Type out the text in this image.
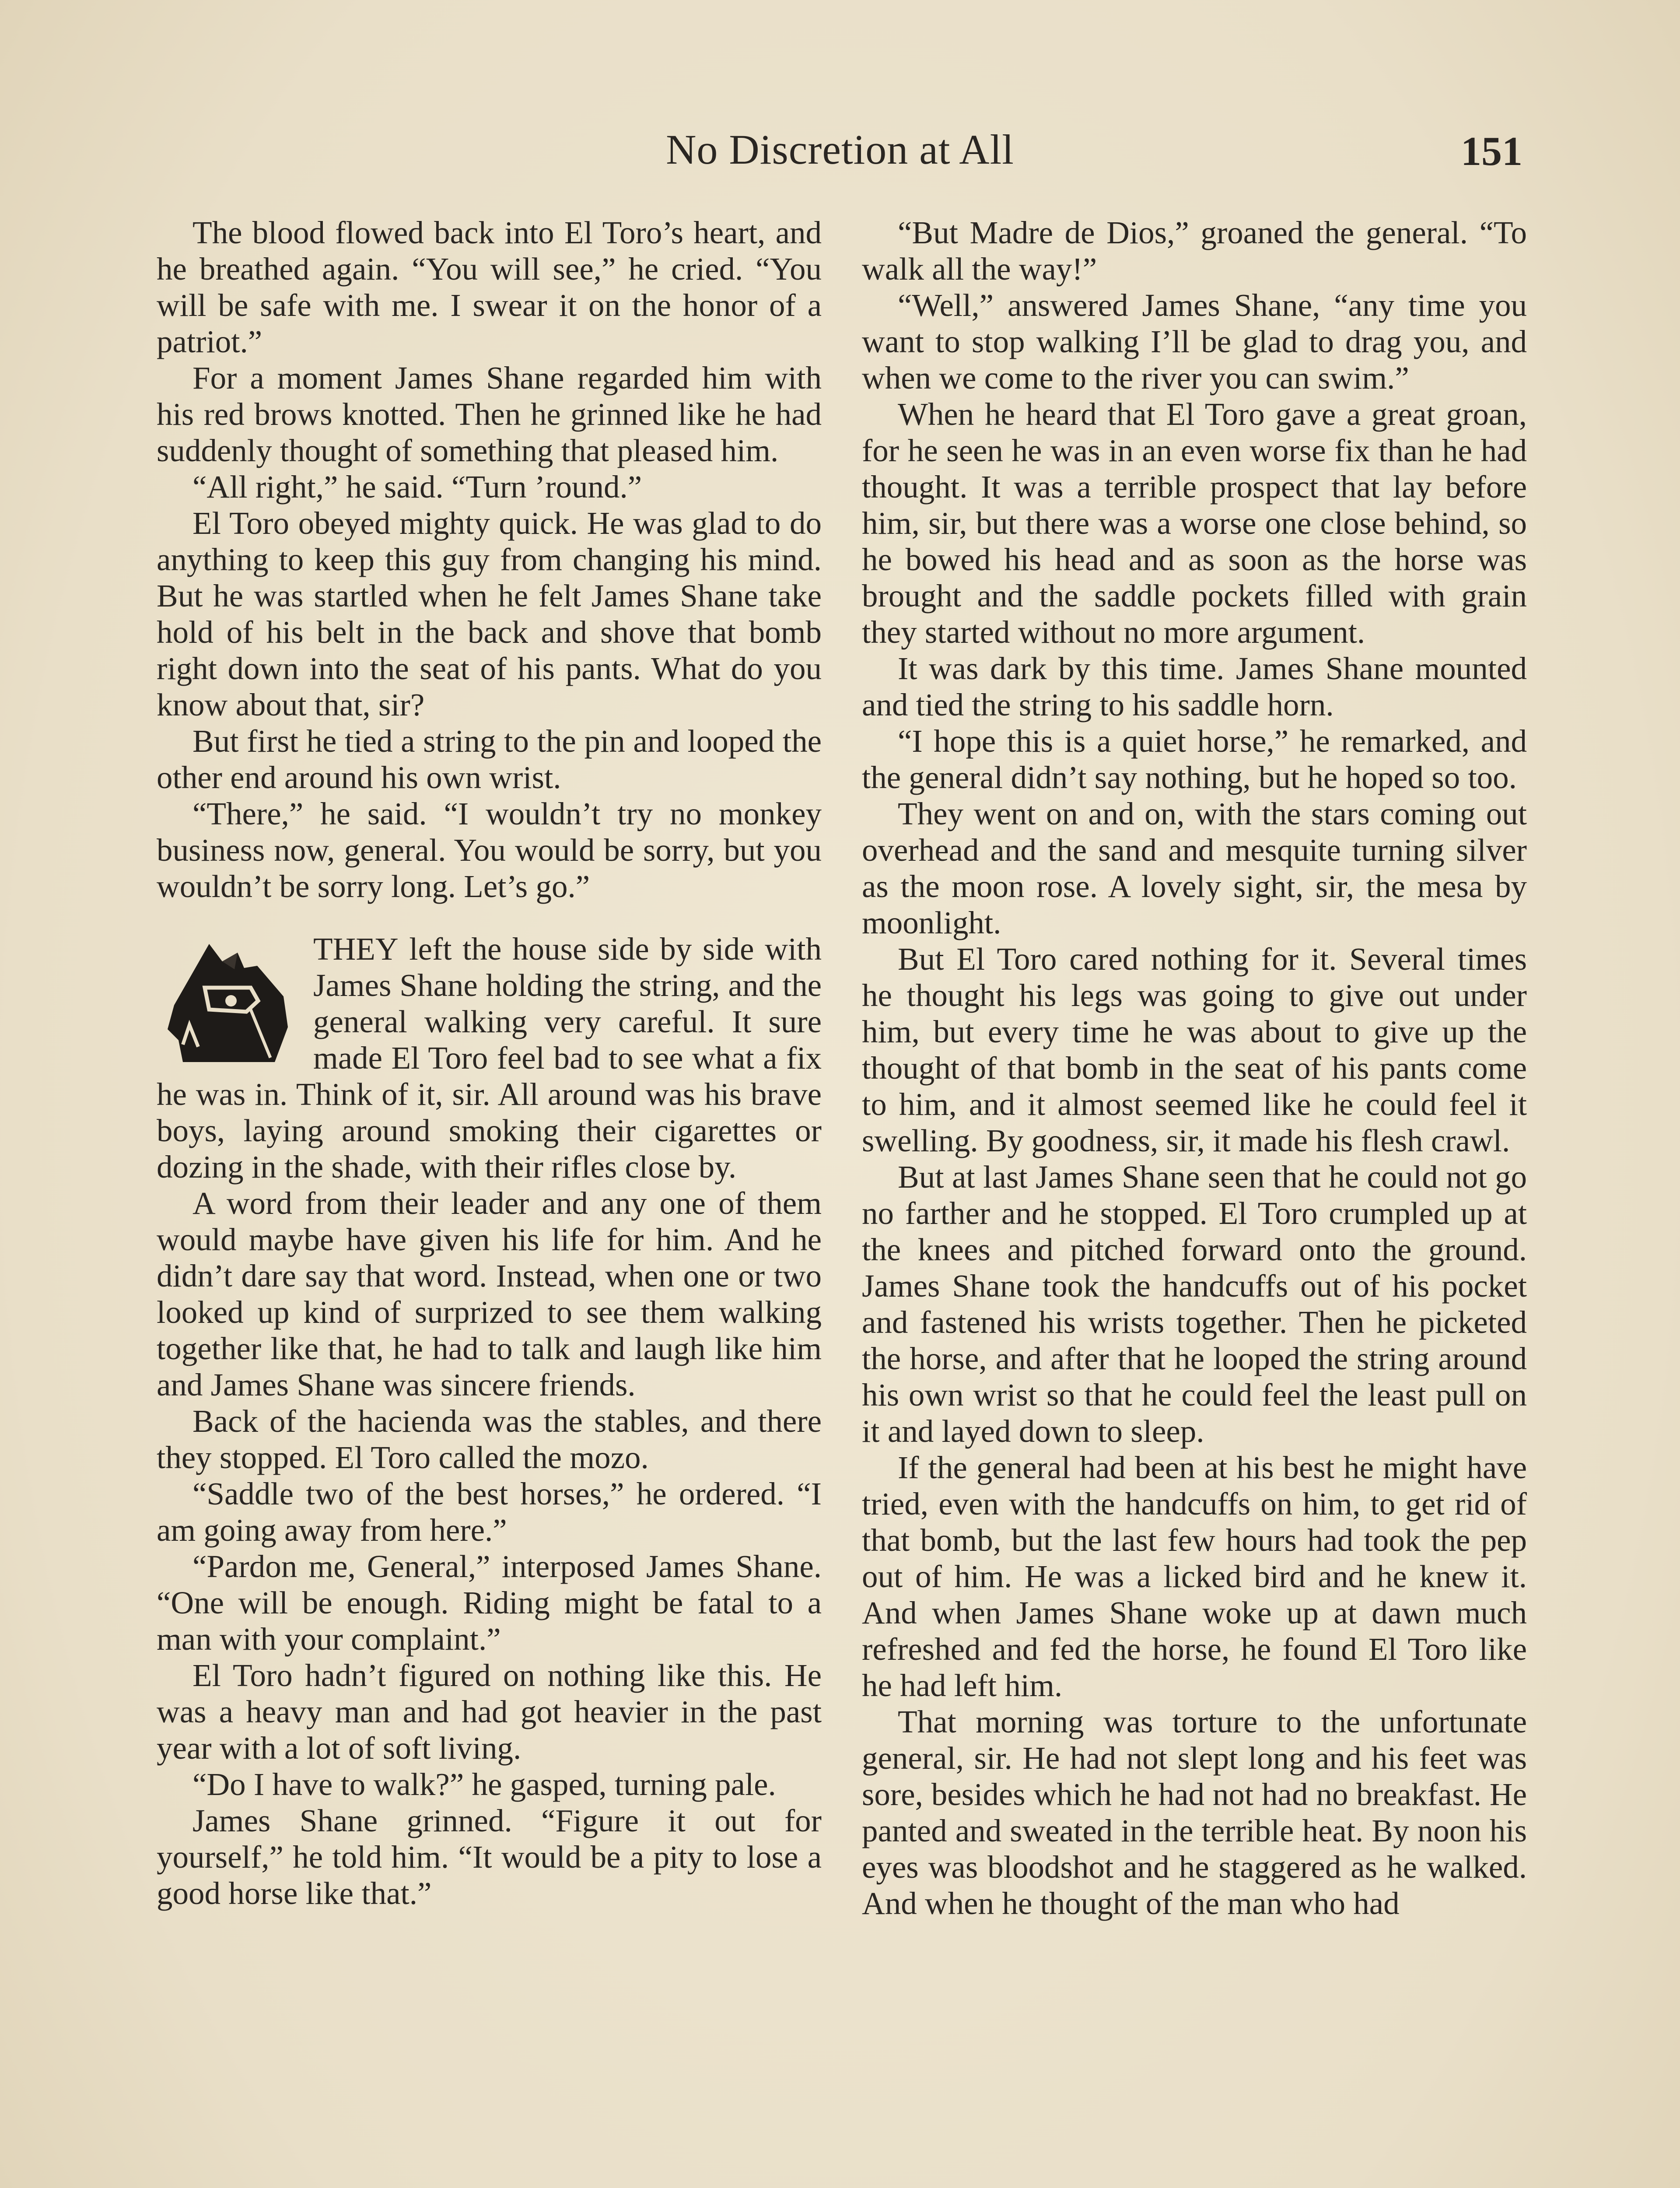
No Discretion at All	151

The blood flowed back into El Toro’s heart, and he breathed again. “You will see,” he cried. “You will be safe with me. I swear it on the honor of a patriot.”

For a moment James Shane regarded him with his red brows knotted. Then he grinned like he had suddenly thought of something that pleased him.

“All right,” he said. “Turn ’round.”

El Toro obeyed mighty quick. He was glad to do anything to keep this guy from changing his mind. But he was startled when he felt James Shane take hold of his belt in the back and shove that bomb right down into the seat of his pants. What do you know about that, sir?

But first he tied a string to the pin and looped the other end around his own wrist.

“There,” he said. “I wouldn’t try no monkey business now, general. You would be sorry, but you wouldn’t be sorry long. Let’s go.”

THEY left the house side by side with James Shane holding the string, and the general walking very careful. It sure made El Toro feel bad to see what a fix he was in. Think of it, sir. All around was his brave boys, laying around smoking their cigarettes or dozing in the shade, with their rifles close by.

A word from their leader and any one of them would maybe have given his life for him. And he didn’t dare say that word. Instead, when one or two looked up kind of surprized to see them walking together like that, he had to talk and laugh like him and James Shane was sincere friends.

Back of the hacienda was the stables, and there they stopped. El Toro called the mozo.

“Saddle two of the best horses,” he ordered. “I am going away from here.”

“Pardon me, General,” interposed James Shane. “One will be enough. Riding might be fatal to a man with your complaint.”

El Toro hadn’t figured on nothing like this. He was a heavy man and had got heavier in the past year with a lot of soft living.

“Do I have to walk?” he gasped, turning pale.

James Shane grinned. “Figure it out for yourself,” he told him. “It would be a pity to lose a good horse like that.”

“But Madre de Dios,” groaned the general. “To walk all the way!”

“Well,” answered James Shane, “any time you want to stop walking I’ll be glad to drag you, and when we come to the river you can swim.”

When he heard that El Toro gave a great groan, for he seen he was in an even worse fix than he had thought. It was a terrible prospect that lay before him, sir, but there was a worse one close behind, so he bowed his head and as soon as the horse was brought and the saddle pockets filled with grain they started without no more argument.

It was dark by this time. James Shane mounted and tied the string to his saddle horn.

“I hope this is a quiet horse,” he remarked, and the general didn’t say nothing, but he hoped so too.

They went on and on, with the stars coming out overhead and the sand and mesquite turning silver as the moon rose. A lovely sight, sir, the mesa by moonlight.

But El Toro cared nothing for it. Several times he thought his legs was going to give out under him, but every time he was about to give up the thought of that bomb in the seat of his pants come to him, and it almost seemed like he could feel it swelling. By goodness, sir, it made his flesh crawl.

But at last James Shane seen that he could not go no farther and he stopped. El Toro crumpled up at the knees and pitched forward onto the ground. James Shane took the handcuffs out of his pocket and fastened his wrists together. Then he picketed the horse, and after that he looped the string around his own wrist so that he could feel the least pull on it and layed down to sleep.

If the general had been at his best he might have tried, even with the handcuffs on him, to get rid of that bomb, but the last few hours had took the pep out of him. He was a licked bird and he knew it. And when James Shane woke up at dawn much refreshed and fed the horse, he found El Toro like he had left him.

That morning was torture to the unfortunate general, sir. He had not slept long and his feet was sore, besides which he had not had no breakfast. He panted and sweated in the terrible heat. By noon his eyes was bloodshot and he staggered as he walked. And when he thought of the man who had
